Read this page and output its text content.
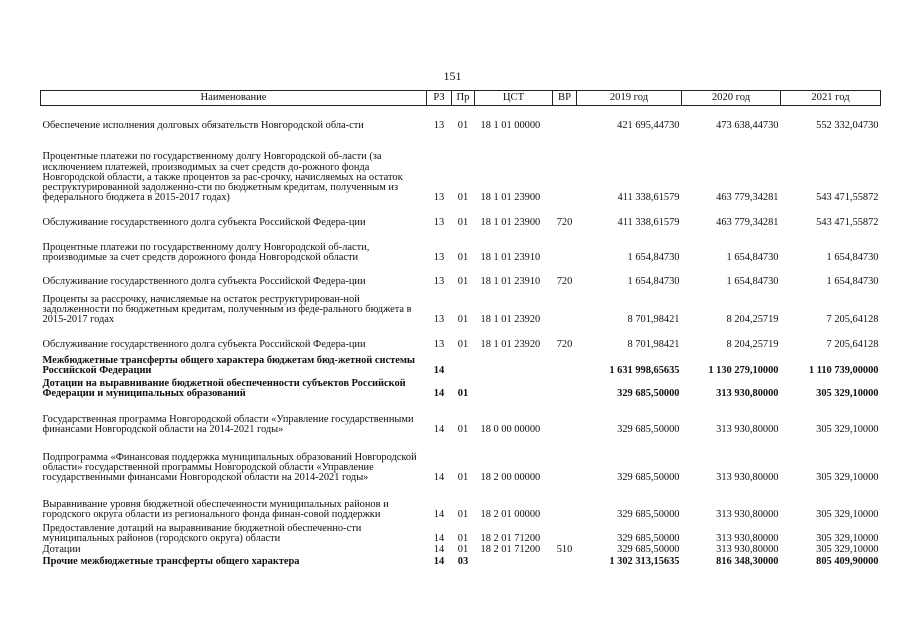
151
Наименование	РЗ	Пр	ЦСТ	ВР	2019 год	2020 год	2021 год
Обеспечение исполнения долговых обязательств Новгородской обла-сти	13	01	18 1 01 00000		421 695,44730	473 638,44730	552 332,04730
Процентные платежи по государственному долгу Новгородской об-ласти (за исключением платежей, производимых за счет средств до-рожного фонда Новгородской области, а также процентов за рас-срочку, начисляемых на остаток реструктурированной задолженно-сти по бюджетным кредитам, полученным из федерального бюджета в 2015-2017 годах)	13	01	18 1 01 23900		411 338,61579	463 779,34281	543 471,55872
Обслуживание государственного долга субъекта Российской Федера-ции	13	01	18 1 01 23900	720	411 338,61579	463 779,34281	543 471,55872
Процентные платежи по государственному долгу Новгородской об-ласти, производимые за счет средств дорожного фонда Новгородской области	13	01	18 1 01 23910		1 654,84730	1 654,84730	1 654,84730
Обслуживание государственного долга субъекта Российской Федера-ции	13	01	18 1 01 23910	720	1 654,84730	1 654,84730	1 654,84730
Проценты за рассрочку, начисляемые на остаток реструктурирован-ной задолженности по бюджетным кредитам, полученным из феде-рального бюджета в 2015-2017 годах	13	01	18 1 01 23920		8 701,98421	8 204,25719	7 205,64128
Обслуживание государственного долга субъекта Российской Федера-ции	13	01	18 1 01 23920	720	8 701,98421	8 204,25719	7 205,64128
Межбюджетные трансферты общего характера бюджетам бюд-жетной системы Российской Федерации	14				1 631 998,65635	1 130 279,10000	1 110 739,00000
Дотации на выравнивание бюджетной обеспеченности субъектов Российской Федерации и муниципальных образований	14	01			329 685,50000	313 930,80000	305 329,10000
Государственная программа Новгородской области «Управление государственными финансами Новгородской области на 2014-2021 годы»	14	01	18 0 00 00000		329 685,50000	313 930,80000	305 329,10000
Подпрограмма «Финансовая поддержка муниципальных образований Новгородской области» государственной программы Новгородской области «Управление государственными финансами Новгородской области на 2014-2021 годы»	14	01	18 2 00 00000		329 685,50000	313 930,80000	305 329,10000
Выравнивание уровня бюджетной обеспеченности муниципальных районов и городского округа области из регионального фонда финан-совой поддержки	14	01	18 2 01 00000		329 685,50000	313 930,80000	305 329,10000
Предоставление дотаций на выравнивание бюджетной обеспеченно-сти муниципальных районов (городского округа) области	14	01	18 2 01 71200		329 685,50000	313 930,80000	305 329,10000
Дотации	14	01	18 2 01 71200	510	329 685,50000	313 930,80000	305 329,10000
Прочие межбюджетные трансферты общего характера	14	03			1 302 313,15635	816 348,30000	805 409,90000
